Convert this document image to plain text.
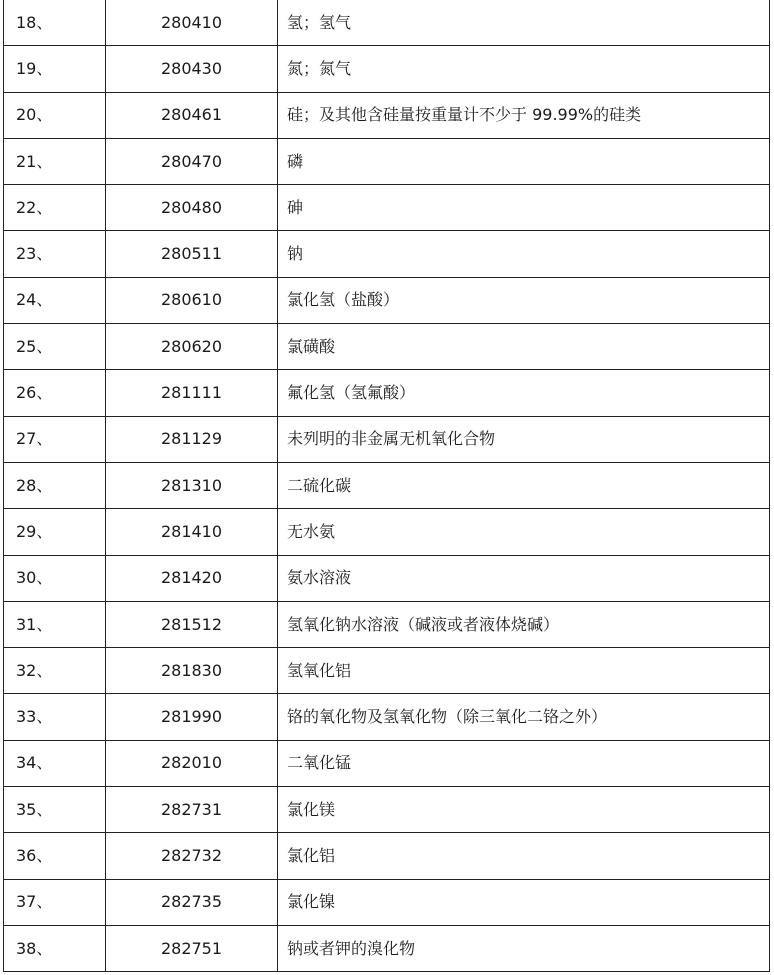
18、	280410	氢；氢气
19、	280430	氮；氮气
20、	280461	硅；及其他含硅量按重量计不少于 99.99%的硅类
21、	280470	磷
22、	280480	砷
23、	280511	钠
24、	280610	氯化氢（盐酸）
25、	280620	氯磺酸
26、	281111	氟化氢（氢氟酸）
27、	281129	未列明的非金属无机氧化合物
28、	281310	二硫化碳
29、	281410	无水氨
30、	281420	氨水溶液
31、	281512	氢氧化钠水溶液（碱液或者液体烧碱）
32、	281830	氢氧化铝
33、	281990	铬的氧化物及氢氧化物（除三氧化二铬之外）
34、	282010	二氧化锰
35、	282731	氯化镁
36、	282732	氯化铝
37、	282735	氯化镍
38、	282751	钠或者钾的溴化物
